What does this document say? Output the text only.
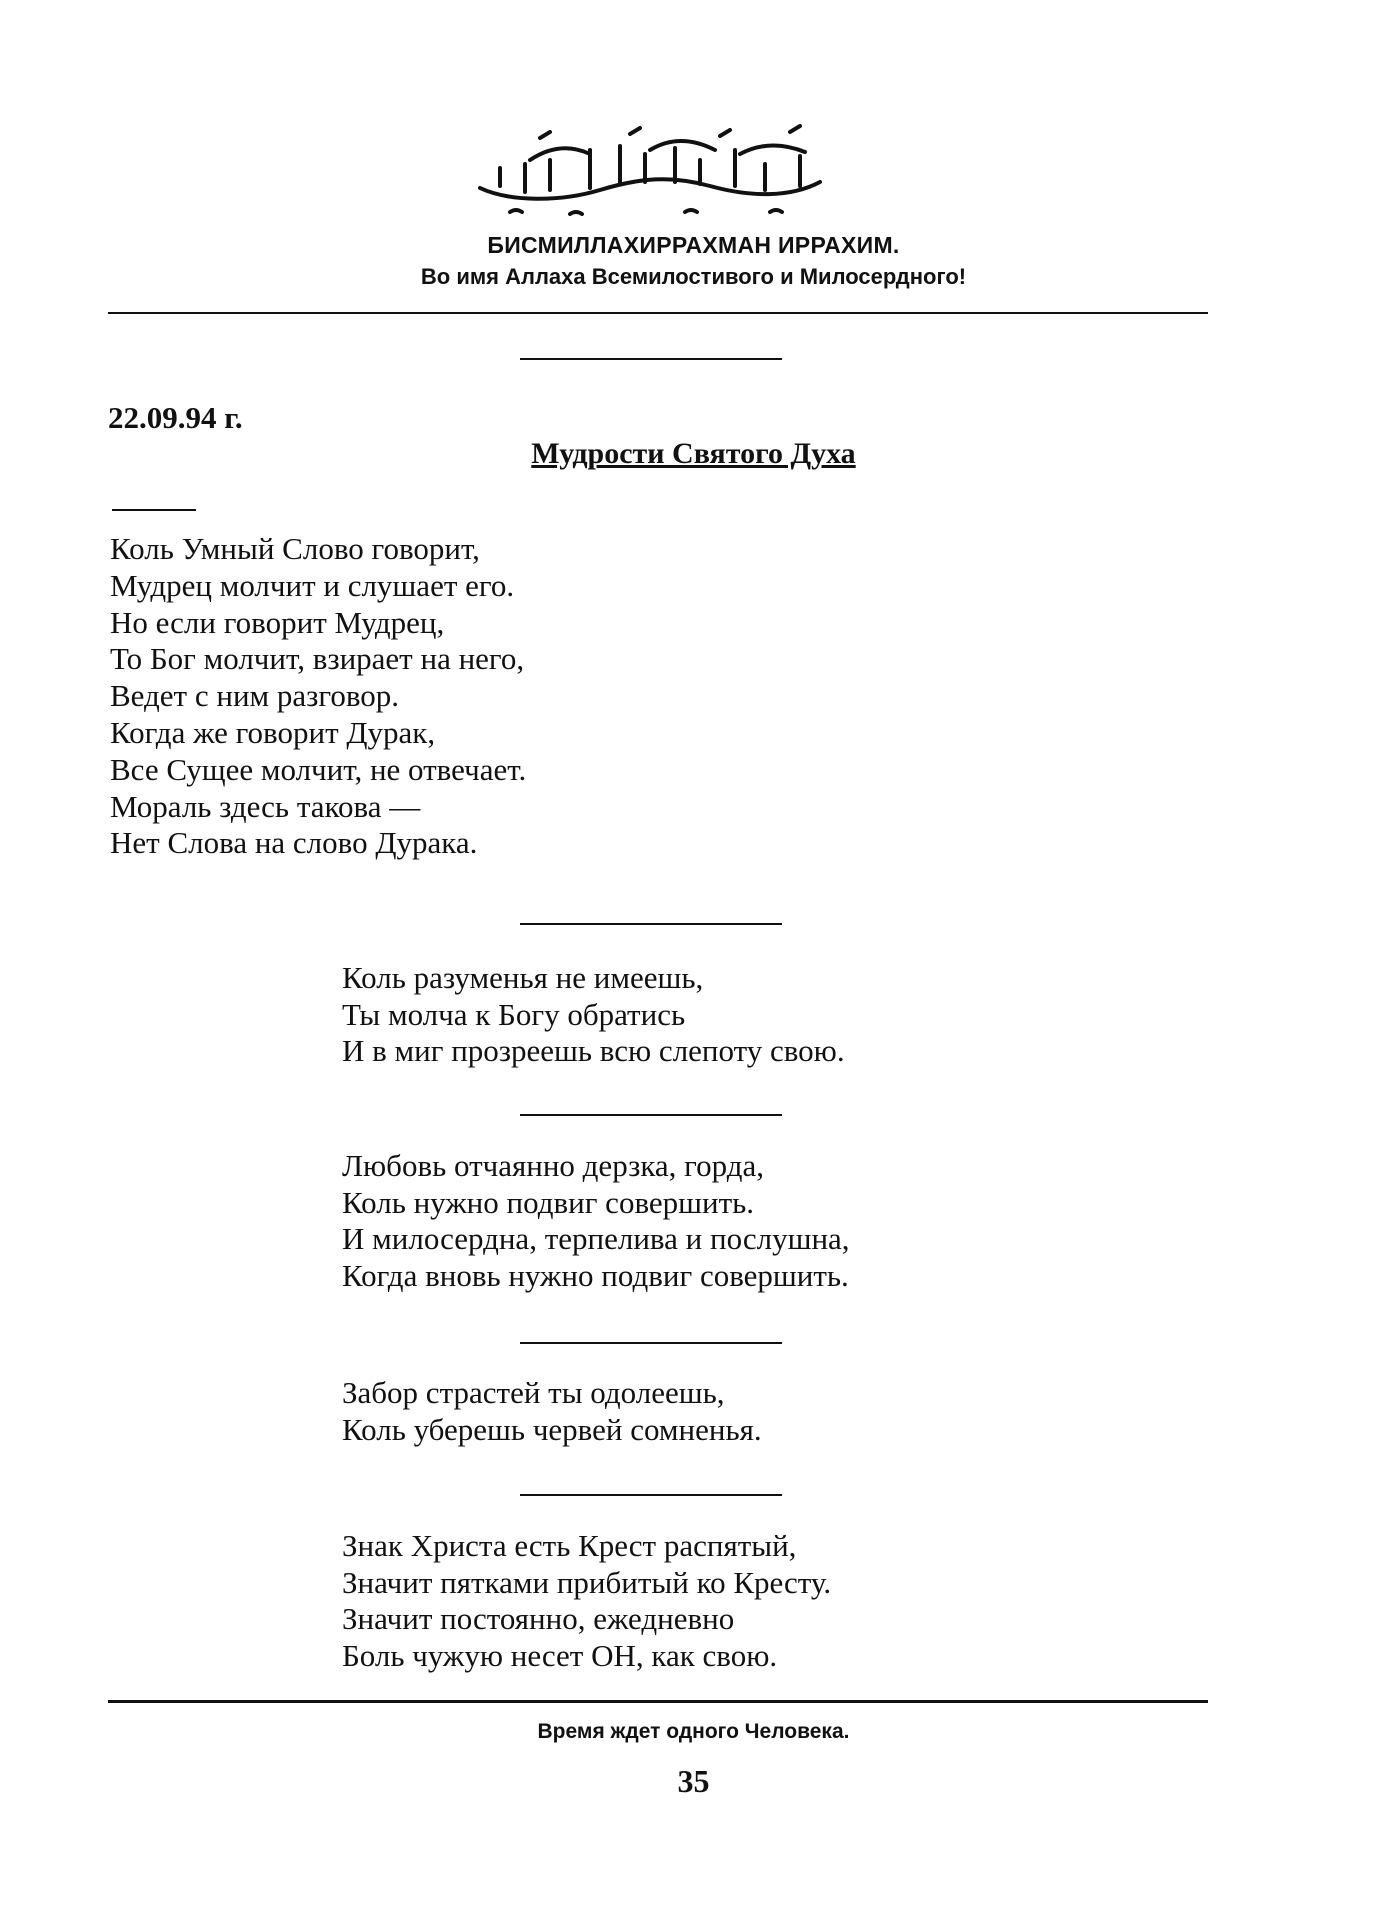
БИСМИЛЛАХИРРАХМАН ИРРАХИМ.

Во имя Аллаха Всемилостивого и Милосердного!

22.09.94 г.

Мудрости Святого Духа

Коль Умный Слово говорит,
Мудрец молчит и слушает его.
Но если говорит Мудрец,
То Бог молчит, взирает на него,
Ведет с ним разговор.
Когда же говорит Дурак,
Все Сущее молчит, не отвечает.
Мораль здесь такова —
Нет Слова на слово Дурака.
Коль разуменья не имеешь,
Ты молча к Богу обратись
И в миг прозреешь всю слепоту свою.
Любовь отчаянно дерзка, горда,
Коль нужно подвиг совершить.
И милосердна, терпелива и послушна,
Когда вновь нужно подвиг совершить.
Забор страстей ты одолеешь,
Коль уберешь червей сомненья.
Знак Христа есть Крест распятый,
Значит пятками прибитый ко Кресту.
Значит постоянно, ежедневно
Боль чужую несет ОН, как свою.

Время ждет одного Человека.

35
